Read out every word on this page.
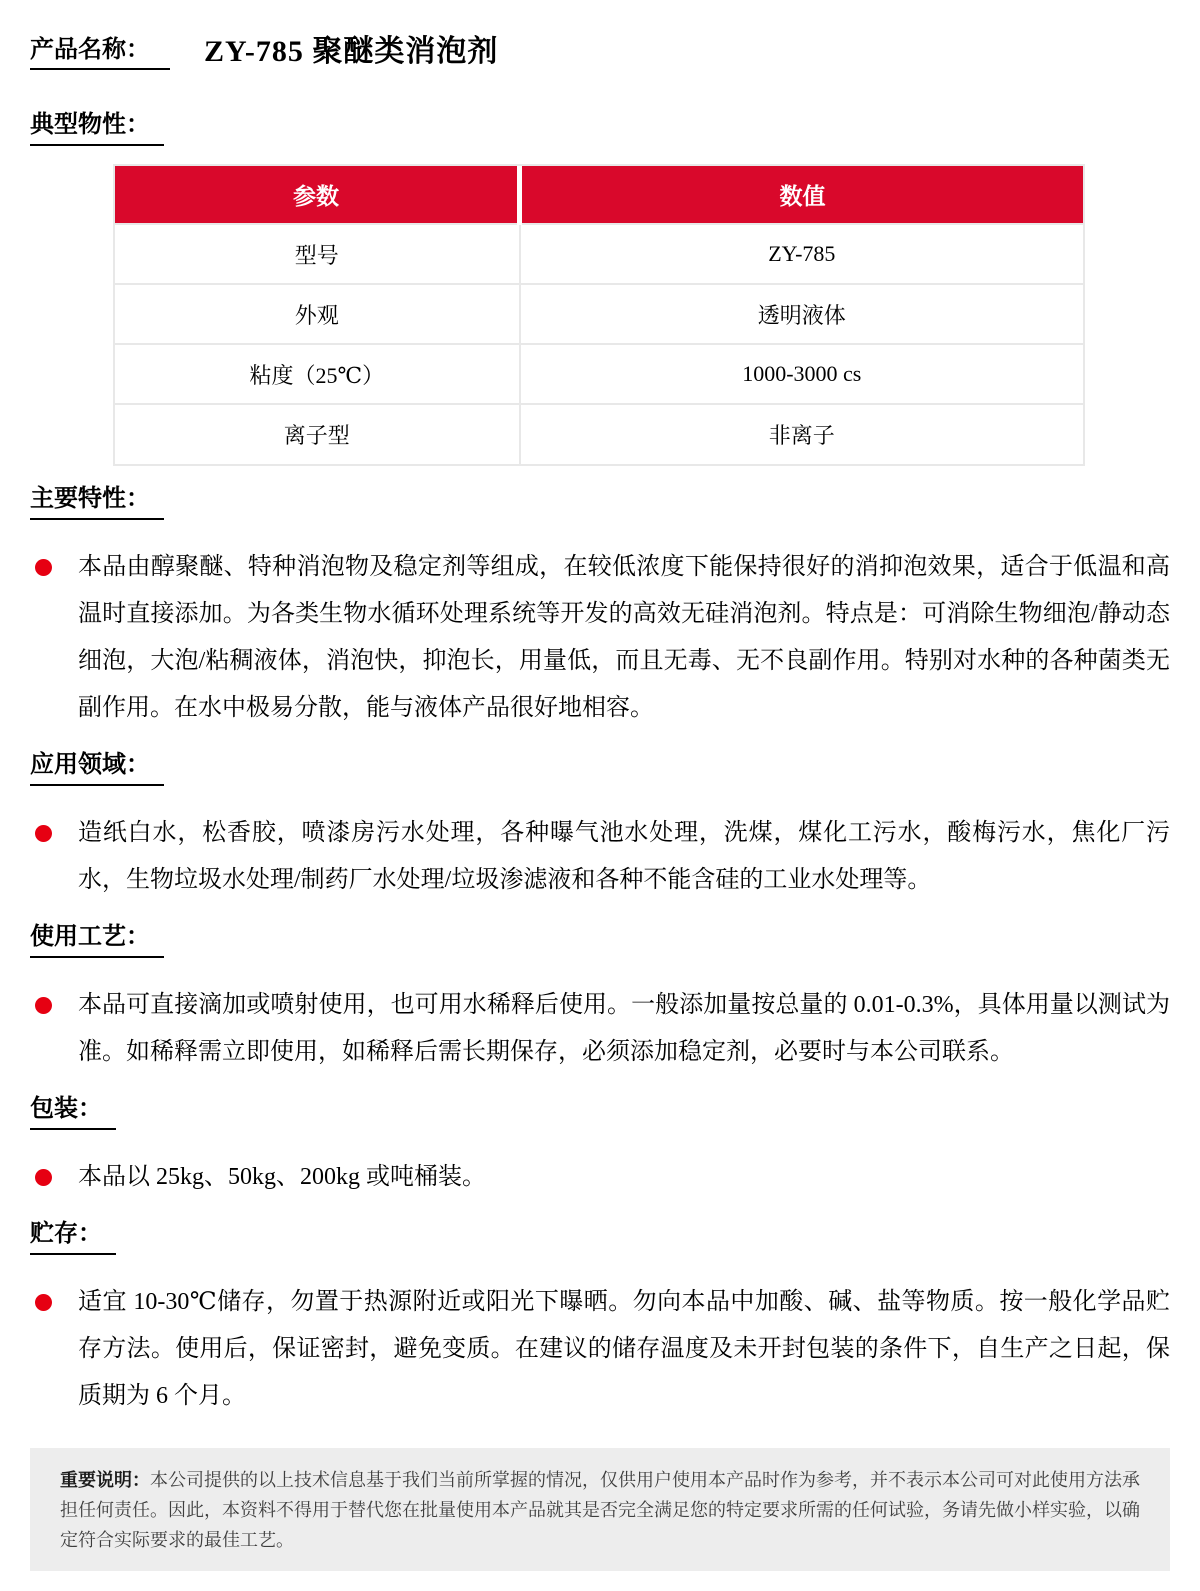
产品名称：	ZY-785 聚醚类消泡剂
典型物性：
参数	数值
型号	ZY-785
外观	透明液体
粘度（25℃）	1000-3000 cs
离子型	非离子
主要特性：

本品由醇聚醚、特种消泡物及稳定剂等组成，在较低浓度下能保持很好的消抑泡效果，适合于低温和高温时直接添加。为各类生物水循环处理系统等开发的高效无硅消泡剂。特点是：可消除生物细泡/静动态细泡，大泡/粘稠液体，消泡快，抑泡长，用量低，而且无毒、无不良副作用。特别对水种的各种菌类无副作用。在水中极易分散，能与液体产品很好地相容。

应用领域：

造纸白水，松香胶，喷漆房污水处理，各种曝气池水处理，洗煤，煤化工污水，酸梅污水，焦化厂污水，生物垃圾水处理/制药厂水处理/垃圾渗滤液和各种不能含硅的工业水处理等。

使用工艺：

本品可直接滴加或喷射使用，也可用水稀释后使用。一般添加量按总量的 0.01-0.3%，具体用量以测试为准。如稀释需立即使用，如稀释后需长期保存，必须添加稳定剂，必要时与本公司联系。

包装：

本品以 25kg、50kg、200kg 或吨桶装。

贮存：

适宜 10-30℃储存，勿置于热源附近或阳光下曝晒。勿向本品中加酸、碱、盐等物质。按一般化学品贮存方法。使用后，保证密封，避免变质。在建议的储存温度及未开封包装的条件下，自生产之日起，保质期为 6 个月。

重要说明：本公司提供的以上技术信息基于我们当前所掌握的情况，仅供用户使用本产品时作为参考，并不表示本公司可对此使用方法承担任何责任。因此，本资料不得用于替代您在批量使用本产品就其是否完全满足您的特定要求所需的任何试验，务请先做小样实验，以确定符合实际要求的最佳工艺。
